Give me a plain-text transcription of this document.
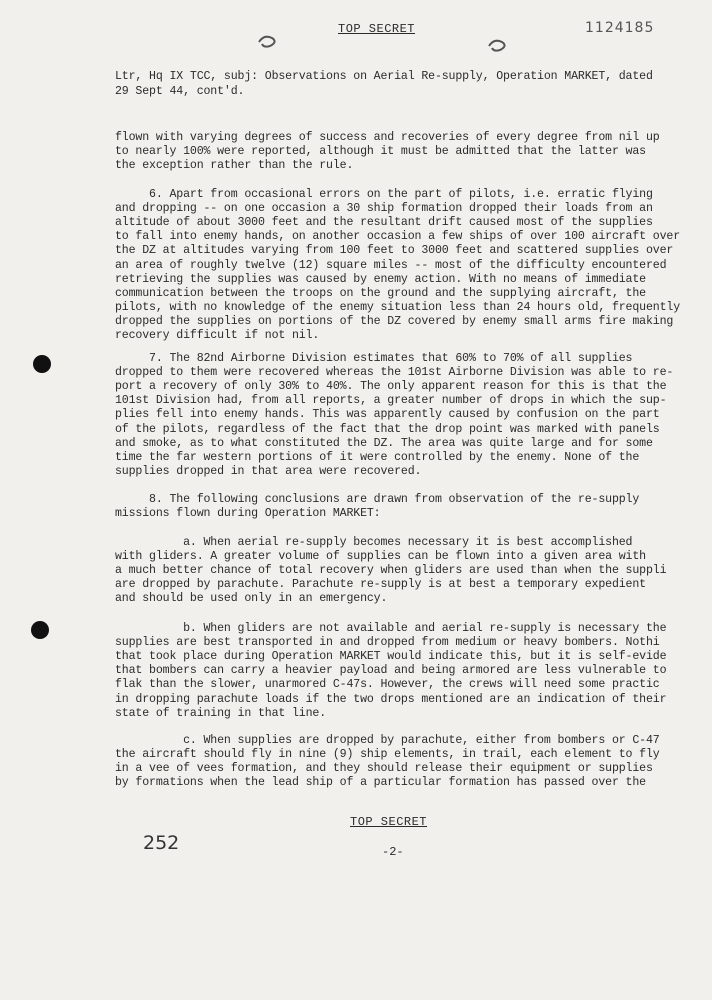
TOP SECRET	1124185
Ltr, Hq IX TCC, subj: Observations on Aerial Re-supply, Operation MARKET, dated
29 Sept 44, cont'd.
flown with varying degrees of success and recoveries of every degree from nil up
to nearly 100% were reported, although it must be admitted that the latter was
the exception rather than the rule.
6. Apart from occasional errors on the part of pilots, i.e. erratic flying
and dropping -- on one occasion a 30 ship formation dropped their loads from an
altitude of about 3000 feet and the resultant drift caused most of the supplies
to fall into enemy hands, on another occasion a few ships of over 100 aircraft over
the DZ at altitudes varying from 100 feet to 3000 feet and scattered supplies over
an area of roughly twelve (12) square miles -- most of the difficulty encountered
retrieving the supplies was caused by enemy action. With no means of immediate
communication between the troops on the ground and the supplying aircraft, the
pilots, with no knowledge of the enemy situation less than 24 hours old, frequently
dropped the supplies on portions of the DZ covered by enemy small arms fire making
recovery difficult if not nil.
7. The 82nd Airborne Division estimates that 60% to 70% of all supplies
dropped to them were recovered whereas the 101st Airborne Division was able to re-
port a recovery of only 30% to 40%. The only apparent reason for this is that the
101st Division had, from all reports, a greater number of drops in which the sup-
plies fell into enemy hands. This was apparently caused by confusion on the part
of the pilots, regardless of the fact that the drop point was marked with panels
and smoke, as to what constituted the DZ. The area was quite large and for some
time the far western portions of it were controlled by the enemy. None of the
supplies dropped in that area were recovered.
8. The following conclusions are drawn from observation of the re-supply
missions flown during Operation MARKET:
a. When aerial re-supply becomes necessary it is best accomplished
with gliders. A greater volume of supplies can be flown into a given area with
a much better chance of total recovery when gliders are used than when the suppli
are dropped by parachute. Parachute re-supply is at best a temporary expedient
and should be used only in an emergency.
b. When gliders are not available and aerial re-supply is necessary the
supplies are best transported in and dropped from medium or heavy bombers. Nothi
that took place during Operation MARKET would indicate this, but it is self-evide
that bombers can carry a heavier payload and being armored are less vulnerable to
flak than the slower, unarmored C-47s. However, the crews will need some practic
in dropping parachute loads if the two drops mentioned are an indication of their
state of training in that line.
c. When supplies are dropped by parachute, either from bombers or C-47
the aircraft should fly in nine (9) ship elements, in trail, each element to fly
in a vee of vees formation, and they should release their equipment or supplies
by formations when the lead ship of a particular formation has passed over the
TOP SECRET
252	-2-
